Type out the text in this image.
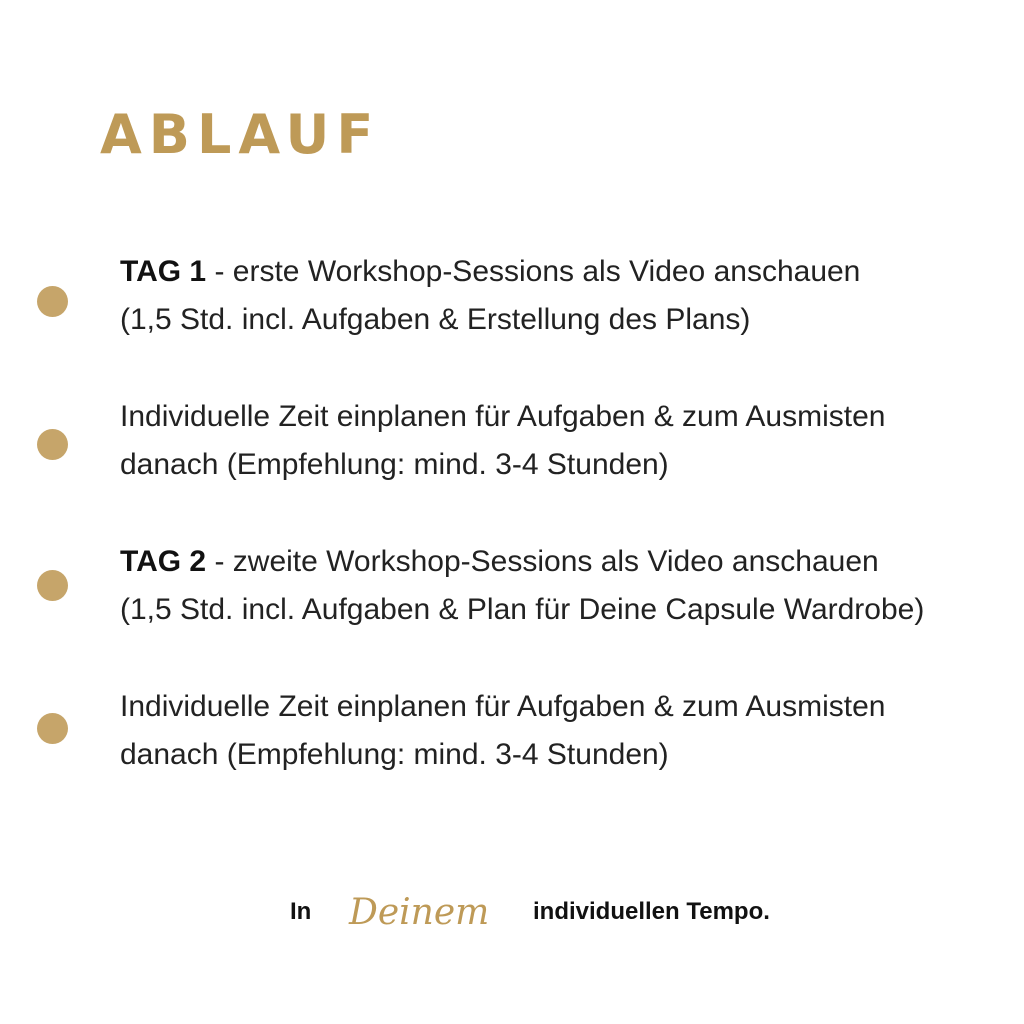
ABLAUF
TAG 1 - erste Workshop-Sessions als Video anschauen
(1,5 Std. incl. Aufgaben & Erstellung des Plans)
Individuelle Zeit einplanen für Aufgaben & zum Ausmisten
danach (Empfehlung: mind. 3-4 Stunden)
TAG 2 - zweite Workshop-Sessions als Video anschauen
(1,5 Std. incl. Aufgaben & Plan für Deine Capsule Wardrobe)
Individuelle Zeit einplanen für Aufgaben & zum Ausmisten
danach (Empfehlung: mind. 3-4 Stunden)
In Deinem individuellen Tempo.
